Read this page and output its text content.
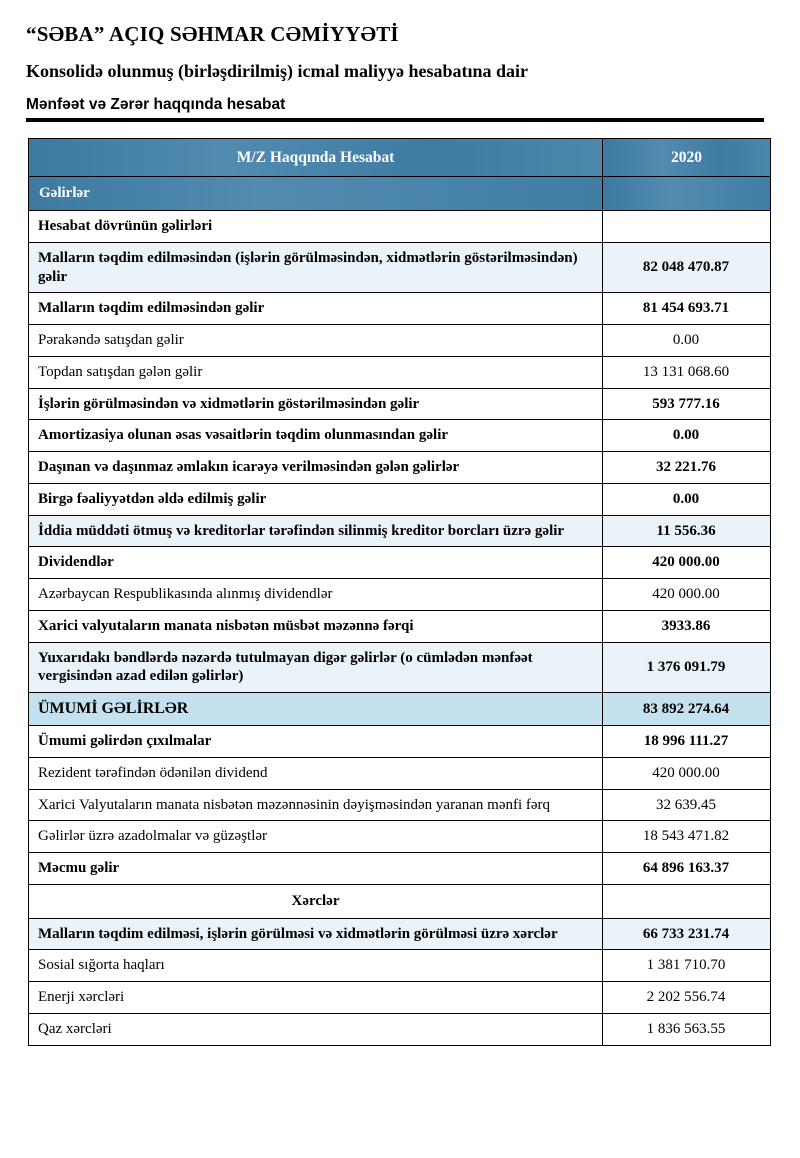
“SƏBA” AÇIQ SƏHMAR CƏMİYYƏTİ
Konsolidə olunmuş (birləşdirilmiş) icmal maliyyə hesabatına dair
Mənfəət və Zərər haqqında hesabat
M/Z Haqqında Hesabat	2020
Gəlirlər	
Hesabat dövrünün gəlirləri	
Malların təqdim edilməsindən (işlərin görülməsindən, xidmətlərin göstərilməsindən) gəlir	82 048 470.87
Malların təqdim edilməsindən gəlir	81 454 693.71
Pərakəndə satışdan gəlir	0.00
Topdan satışdan gələn gəlir	13 131 068.60
İşlərin görülməsindən və xidmətlərin göstərilməsindən gəlir	593 777.16
Amortizasiya olunan əsas vəsaitlərin təqdim olunmasından gəlir	0.00
Daşınan və daşınmaz əmlakın icarəyə verilməsindən gələn gəlirlər	32 221.76
Birgə fəaliyyətdən əldə edilmiş gəlir	0.00
İddia müddəti ötmuş və kreditorlar tərəfindən silinmiş kreditor borcları üzrə gəlir	11 556.36
Dividendlər	420 000.00
Azərbaycan Respublikasında alınmış dividendlər	420 000.00
Xarici valyutaların manata nisbətən müsbət məzənnə fərqi	3933.86
Yuxarıdakı bəndlərdə nəzərdə tutulmayan digər gəlirlər (o cümlədən mənfəət vergisindən azad edilən gəlirlər)	1 376 091.79
ÜMUMİ GƏLİRLƏR	83 892 274.64
Ümumi gəlirdən çıxılmalar	18 996 111.27
Rezident tərəfindən ödənilən dividend	420 000.00
Xarici Valyutaların manata nisbətən məzənnəsinin dəyişməsindən yaranan mənfi fərq	32 639.45
Gəlirlər üzrə azadolmalar və güzəştlər	18 543 471.82
Məcmu gəlir	64 896 163.37
Xərclər	
Malların təqdim edilməsi, işlərin görülməsi və xidmətlərin görülməsi üzrə xərclər	66 733 231.74
Sosial sığorta haqları	1 381 710.70
Enerji xərcləri	2 202 556.74
Qaz xərcləri	1 836 563.55
